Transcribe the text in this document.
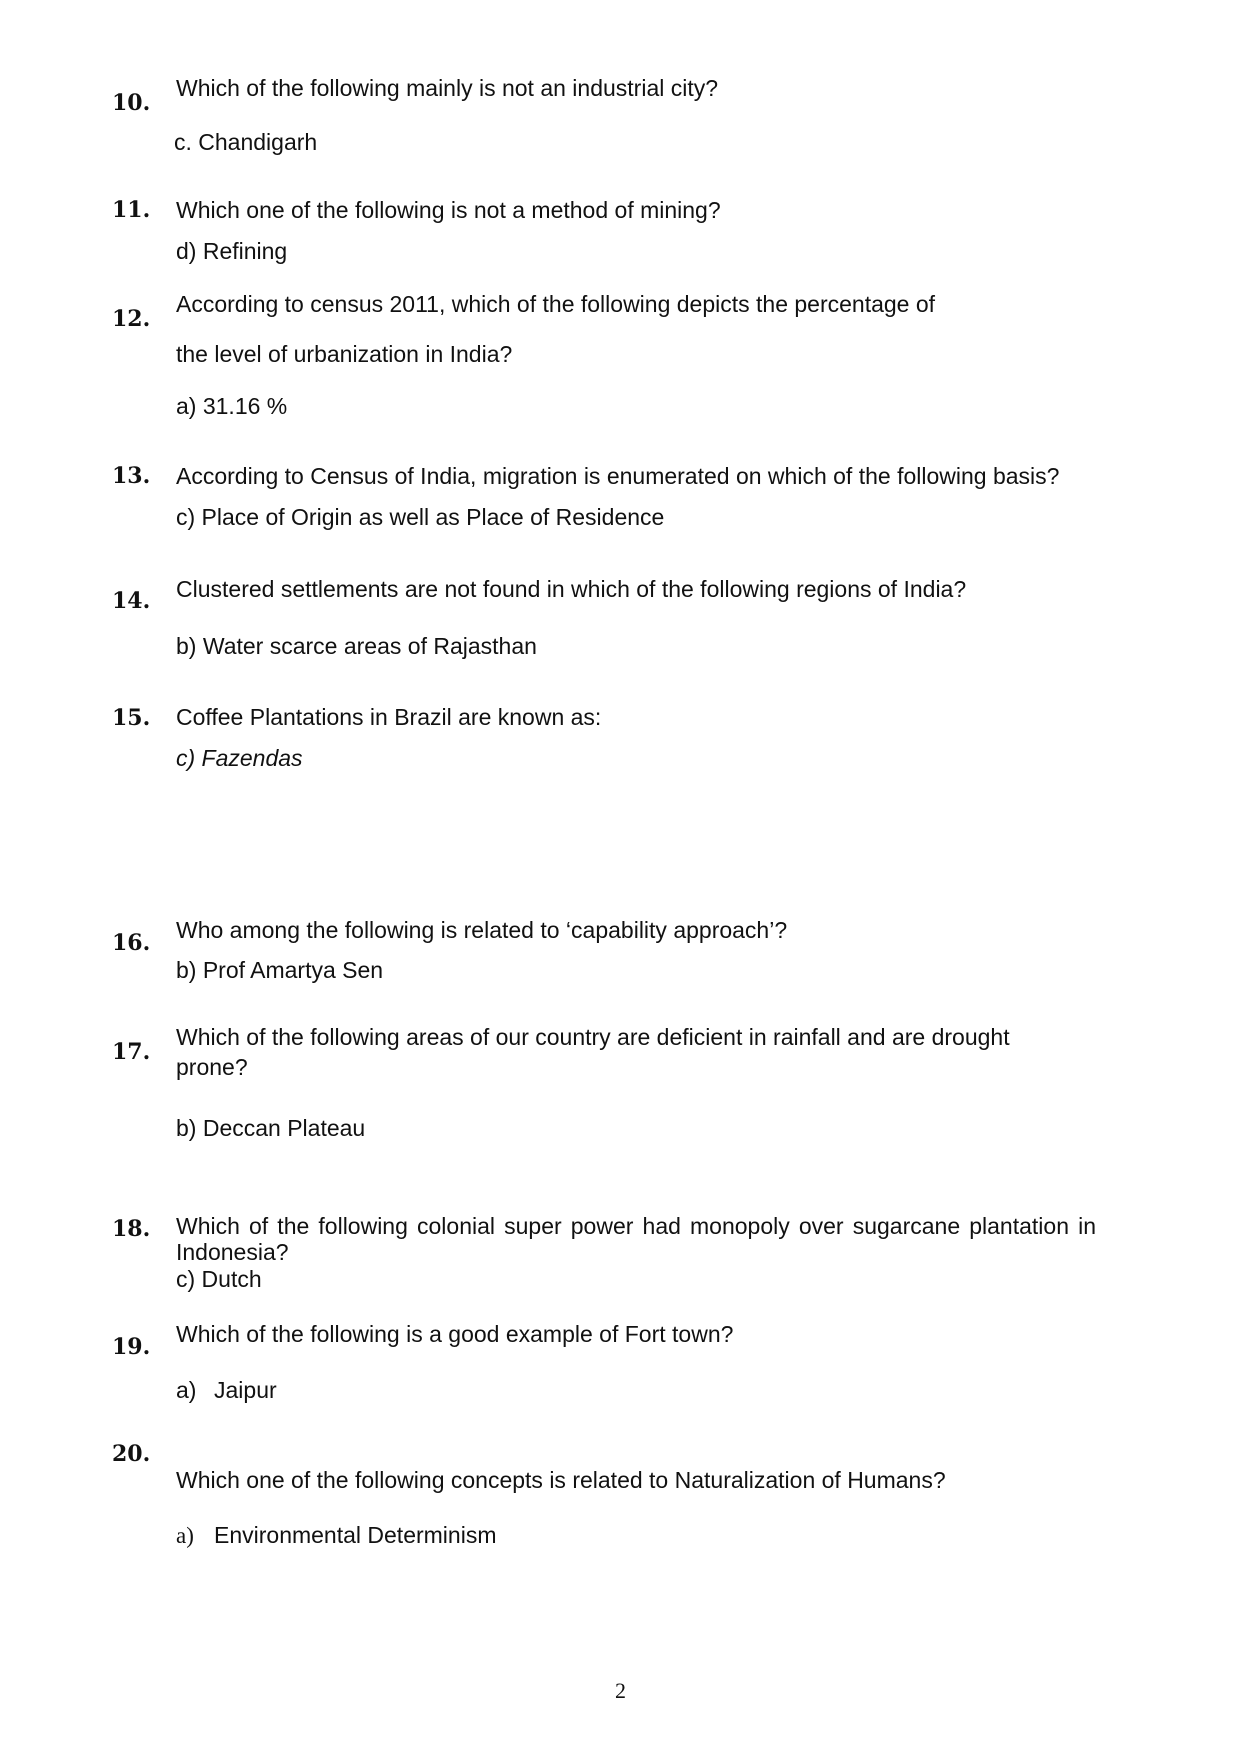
10.
Which of the following mainly is not an industrial city?
c. Chandigarh
11. Which one of the following is not a method of mining?
d) Refining
12.
According to census 2011, which of the following depicts the percentage of
the level of urbanization in India?
a) 31.16 %
13. According to Census of India, migration is enumerated on which of the following basis?
c) Place of Origin as well as Place of Residence
14. Clustered settlements are not found in which of the following regions of India?
b) Water scarce areas of Rajasthan
15. Coffee Plantations in Brazil are known as:
c) Fazendas
16. Who among the following is related to ‘capability approach’?
b) Prof Amartya Sen
17.
Which of the following areas of our country are deficient in rainfall and are drought prone?
b) Deccan Plateau
18. Which of the following colonial super power had monopoly over sugarcane plantation in Indonesia?
c) Dutch
19. Which of the following is a good example of Fort town?
a) Jaipur
20.
Which one of the following concepts is related to Naturalization of Humans?
a) Environmental Determinism
2
